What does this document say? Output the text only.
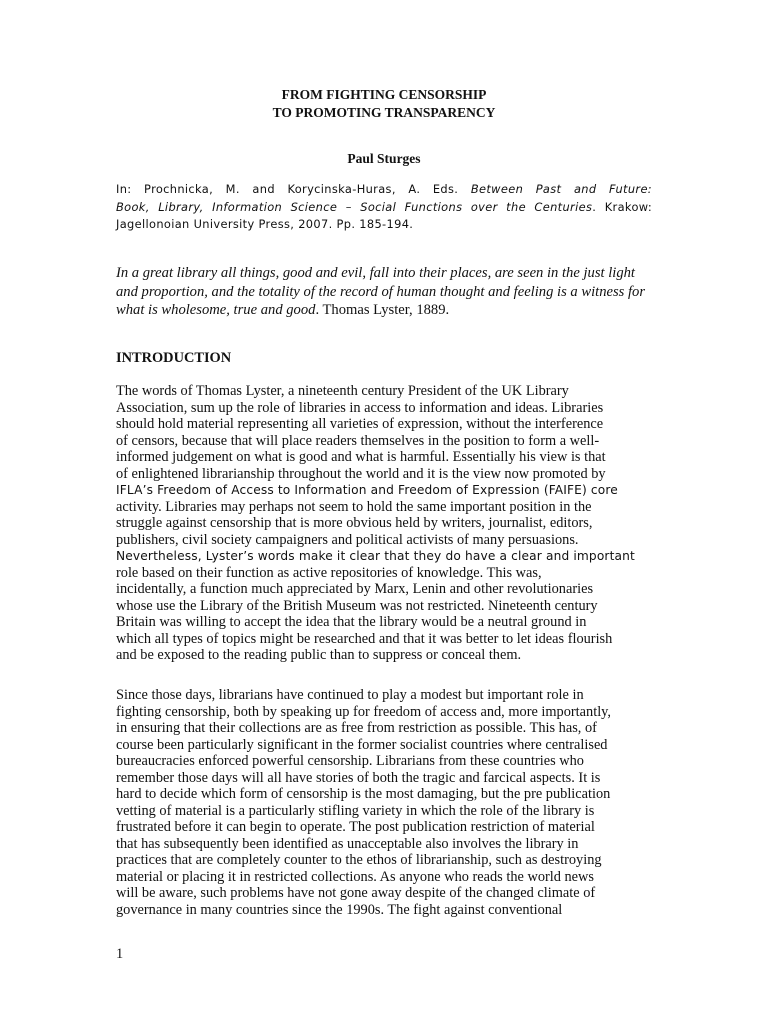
FROM FIGHTING CENSORSHIP
TO PROMOTING TRANSPARENCY
Paul Sturges
In: Prochnicka, M. and Korycinska-Huras, A. Eds. Between Past and Future:
Book, Library, Information Science – Social Functions over the Centuries. Krakow:
Jagellonoian University Press, 2007. Pp. 185-194.
In a great library all things, good and evil, fall into their places, are seen in the just light and proportion, and the totality of the record of human thought and feeling is a witness for what is wholesome, true and good. Thomas Lyster, 1889.
INTRODUCTION
The words of Thomas Lyster, a nineteenth century President of the UK Library
Association, sum up the role of libraries in access to information and ideas. Libraries
should hold material representing all varieties of expression, without the interference
of censors, because that will place readers themselves in the position to form a well-
informed judgement on what is good and what is harmful. Essentially his view is that
of enlightened librarianship throughout the world and it is the view now promoted by
IFLA’s Freedom of Access to Information and Freedom of Expression (FAIFE) core
activity. Libraries may perhaps not seem to hold the same important position in the
struggle against censorship that is more obvious held by writers, journalist, editors,
publishers, civil society campaigners and political activists of many persuasions.
Nevertheless, Lyster’s words make it clear that they do have a clear and important
role based on their function as active repositories of knowledge. This was,
incidentally, a function much appreciated by Marx, Lenin and other revolutionaries
whose use the Library of the British Museum was not restricted. Nineteenth century
Britain was willing to accept the idea that the library would be a neutral ground in
which all types of topics might be researched and that it was better to let ideas flourish
and be exposed to the reading public than to suppress or conceal them.
Since those days, librarians have continued to play a modest but important role in
fighting censorship, both by speaking up for freedom of access and, more importantly,
in ensuring that their collections are as free from restriction as possible. This has, of
course been particularly significant in the former socialist countries where centralised
bureaucracies enforced powerful censorship. Librarians from these countries who
remember those days will all have stories of both the tragic and farcical aspects. It is
hard to decide which form of censorship is the most damaging, but the pre publication
vetting of material is a particularly stifling variety in which the role of the library is
frustrated before it can begin to operate. The post publication restriction of material
that has subsequently been identified as unacceptable also involves the library in
practices that are completely counter to the ethos of librarianship, such as destroying
material or placing it in restricted collections. As anyone who reads the world news
will be aware, such problems have not gone away despite of the changed climate of
governance in many countries since the 1990s. The fight against conventional
1
